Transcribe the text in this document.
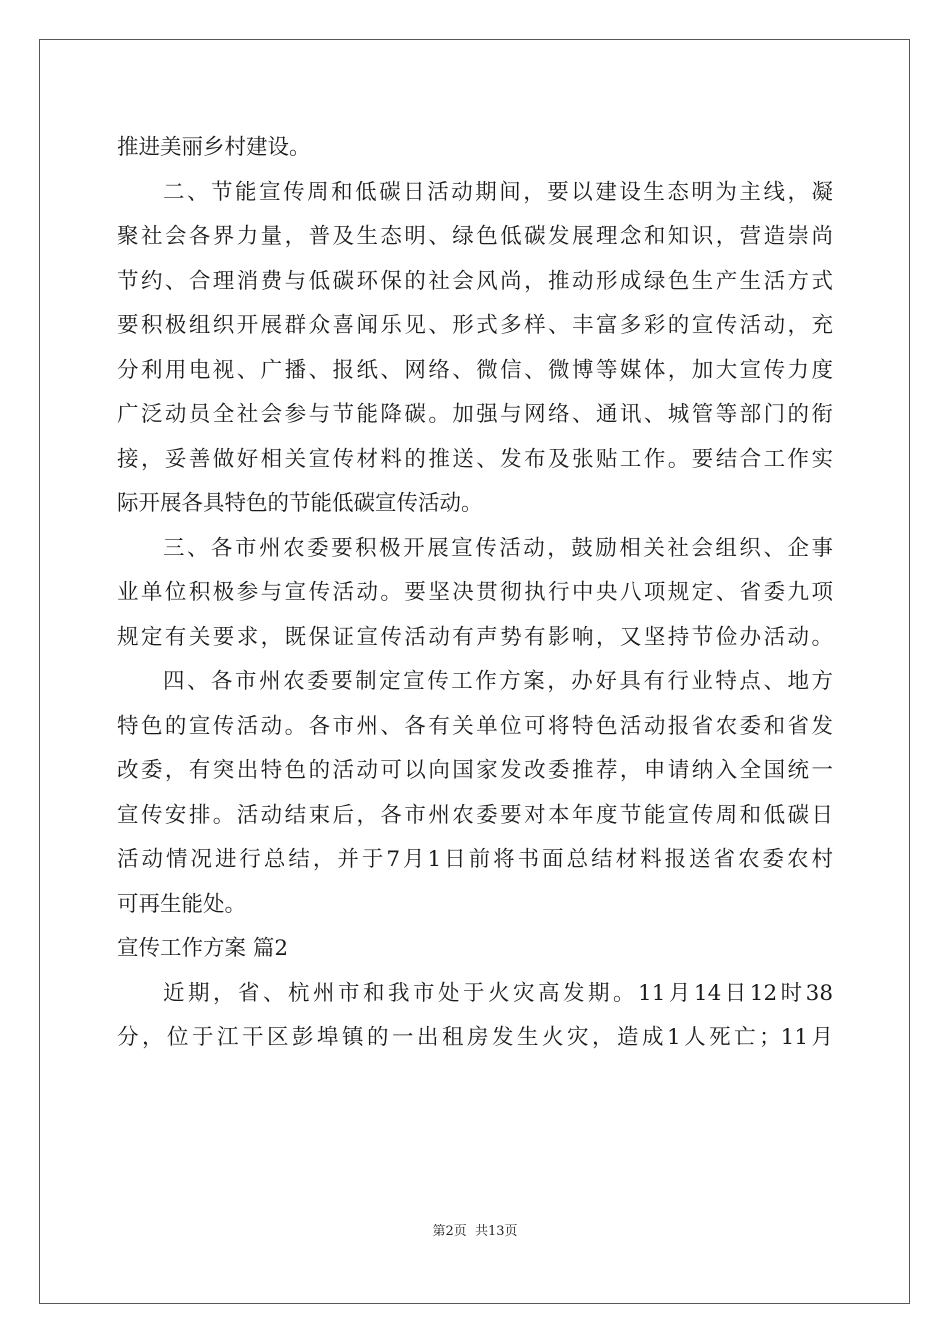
推进美丽乡村建设。
二、节能宣传周和低碳日活动期间，要以建设生态明为主线，凝
聚社会各界力量，普及生态明、绿色低碳发展理念和知识，营造崇尚
节约、合理消费与低碳环保的社会风尚，推动形成绿色生产生活方式
要积极组织开展群众喜闻乐见、形式多样、丰富多彩的宣传活动，充
分利用电视、广播、报纸、网络、微信、微博等媒体，加大宣传力度
广泛动员全社会参与节能降碳。加强与网络、通讯、城管等部门的衔
接，妥善做好相关宣传材料的推送、发布及张贴工作。要结合工作实
际开展各具特色的节能低碳宣传活动。
三、各市州农委要积极开展宣传活动，鼓励相关社会组织、企事
业单位积极参与宣传活动。要坚决贯彻执行中央八项规定、省委九项
规定有关要求，既保证宣传活动有声势有影响，又坚持节俭办活动。
四、各市州农委要制定宣传工作方案，办好具有行业特点、地方
特色的宣传活动。各市州、各有关单位可将特色活动报省农委和省发
改委，有突出特色的活动可以向国家发改委推荐，申请纳入全国统一
宣传安排。活动结束后，各市州农委要对本年度节能宣传周和低碳日
活动情况进行总结，并于7月1日前将书面总结材料报送省农委农村
可再生能处。
宣传工作方案 篇2
近期，省、杭州市和我市处于火灾高发期。11月14日12时38
分，位于江干区彭埠镇的一出租房发生火灾，造成1人死亡；11月
第2页 共13页
